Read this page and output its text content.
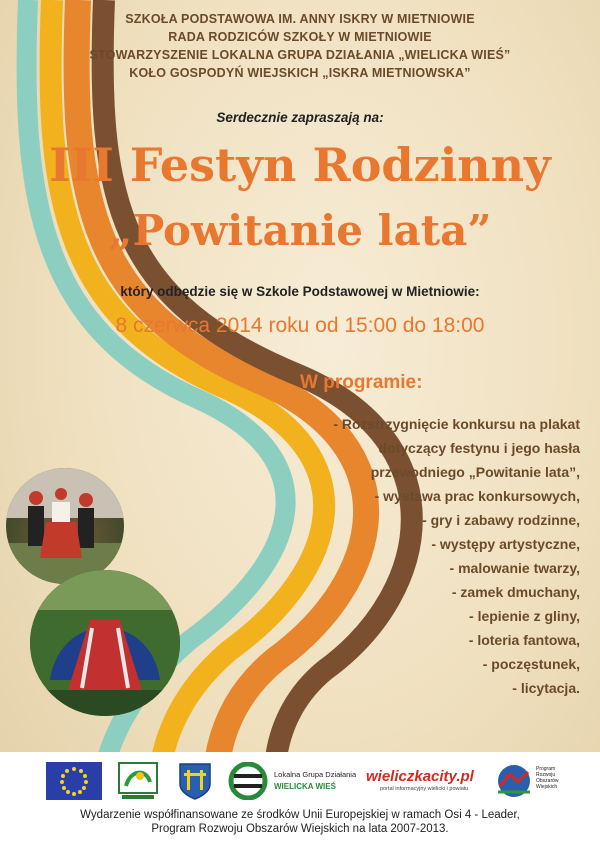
SZKOŁA PODSTAWOWA IM. ANNY ISKRY W MIETNIOWIE
RADA RODZICÓW SZKOŁY W MIETNIOWIE
STOWARZYSZENIE LOKALNA GRUPA DZIAŁANIA „WIELICKA WIEŚ”
KOŁO GOSPODYŃ WIEJSKICH „ISKRA MIETNIOWSKA”
Serdecznie zapraszają na:
III Festyn Rodzinny
„Powitanie lata”
który odbędzie się w Szkole Podstawowej w Mietniowie:
8 czerwca 2014 roku od 15:00 do 18:00
W programie:
- Rozstrzygnięcie konkursu na plakat
dotyczący festynu i jego hasła
przewodniego „Powitanie lata”,
- wystawa prac konkursowych,
- gry i zabawy rodzinne,
- występy artystyczne,
- malowanie twarzy,
- zamek dmuchany,
- lepienie z gliny,
- loteria fantowa,
- poczęstunek,
- licytacja.
Lokalna Grupa Działania
WIELICKA WIEŚ
wieliczkacity.pl
portal informacyjny wielicki i powiatu
Program Rozwoju Obszarów Wiejskich
Wydarzenie współfinansowane ze środków Unii Europejskiej w ramach Osi 4 - Leader,
Program Rozwoju Obszarów Wiejskich na lata 2007-2013.
